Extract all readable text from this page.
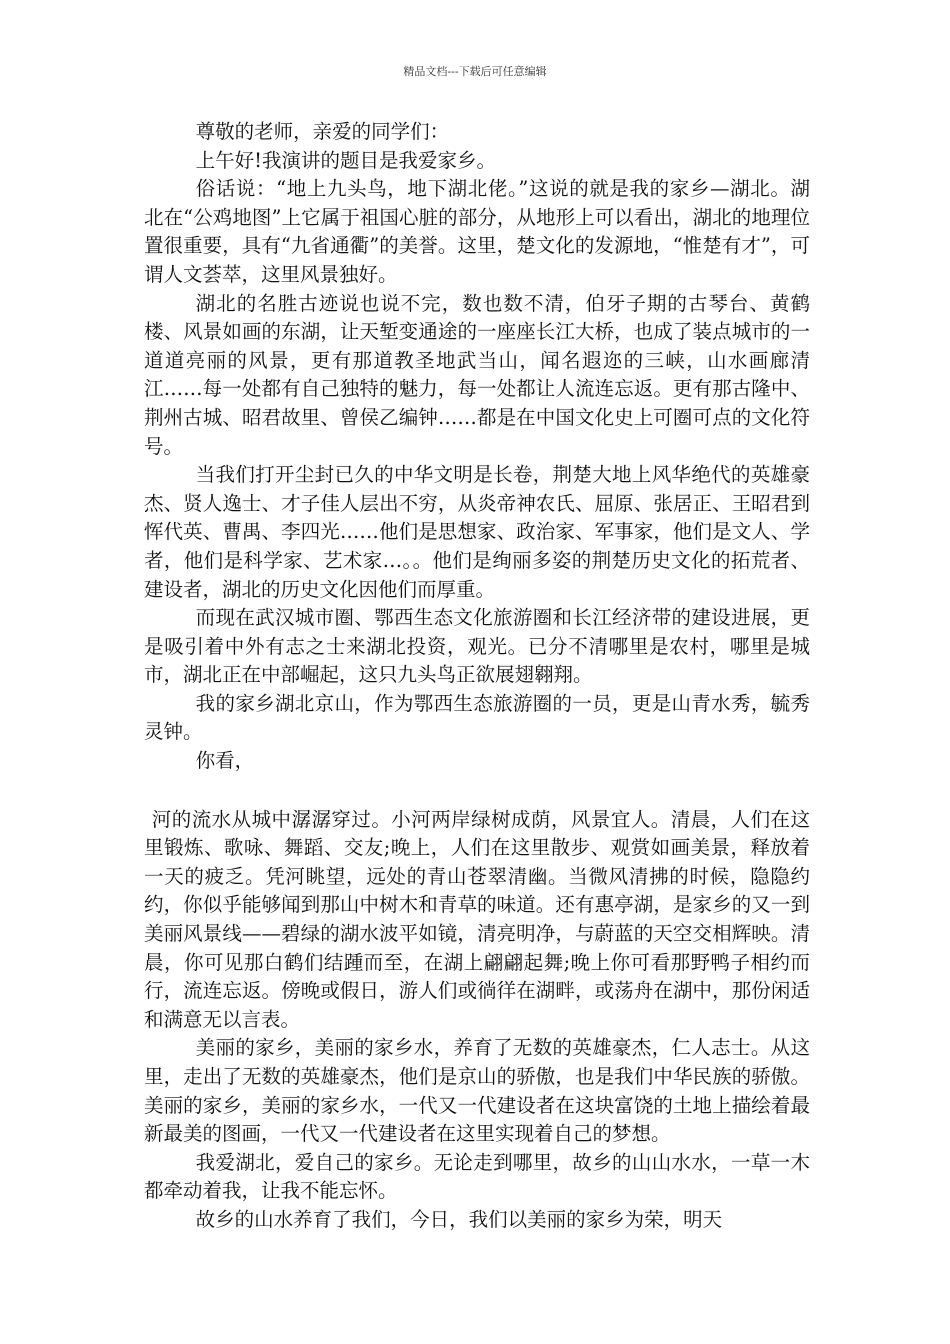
精品文档---下载后可任意编辑

尊敬的老师，亲爱的同学们：

上午好!我演讲的题目是我爱家乡。

俗话说：“地上九头鸟，地下湖北佬。”这说的就是我的家乡—湖北。湖北在“公鸡地图”上它属于祖国心脏的部分，从地形上可以看出，湖北的地理位置很重要，具有“九省通衢”的美誉。这里，楚文化的发源地，“惟楚有才”，可谓人文荟萃，这里风景独好。

湖北的名胜古迹说也说不完，数也数不清，伯牙子期的古琴台、黄鹤楼、风景如画的东湖，让天堑变通途的一座座长江大桥，也成了装点城市的一道道亮丽的风景，更有那道教圣地武当山，闻名遐迩的三峡，山水画廊清江……每一处都有自己独特的魅力，每一处都让人流连忘返。更有那古隆中、荆州古城、昭君故里、曾侯乙编钟……都是在中国文化史上可圈可点的文化符号。

当我们打开尘封已久的中华文明是长卷，荆楚大地上风华绝代的英雄豪杰、贤人逸士、才子佳人层出不穷，从炎帝神农氏、屈原、张居正、王昭君到恽代英、曹禺、李四光……他们是思想家、政治家、军事家，他们是文人、学者，他们是科学家、艺术家…。。他们是绚丽多姿的荆楚历史文化的拓荒者、建设者，湖北的历史文化因他们而厚重。

而现在武汉城市圈、鄂西生态文化旅游圈和长江经济带的建设进展，更是吸引着中外有志之士来湖北投资，观光。已分不清哪里是农村，哪里是城市，湖北正在中部崛起，这只九头鸟正欲展翅翱翔。

我的家乡湖北京山，作为鄂西生态旅游圈的一员，更是山青水秀，毓秀灵钟。

你看，

河的流水从城中潺潺穿过。小河两岸绿树成荫，风景宜人。清晨，人们在这里锻炼、歌咏、舞蹈、交友;晚上，人们在这里散步、观赏如画美景，释放着一天的疲乏。凭河眺望，远处的青山苍翠清幽。当微风清拂的时候，隐隐约约，你似乎能够闻到那山中树木和青草的味道。还有惠亭湖，是家乡的又一到美丽风景线——碧绿的湖水波平如镜，清亮明净，与蔚蓝的天空交相辉映。清晨，你可见那白鹤们结踵而至，在湖上翩翩起舞;晚上你可看那野鸭子相约而行，流连忘返。傍晚或假日，游人们或徜徉在湖畔，或荡舟在湖中，那份闲适和满意无以言表。

美丽的家乡，美丽的家乡水，养育了无数的英雄豪杰，仁人志士。从这里，走出了无数的英雄豪杰，他们是京山的骄傲，也是我们中华民族的骄傲。美丽的家乡，美丽的家乡水，一代又一代建设者在这块富饶的土地上描绘着最新最美的图画，一代又一代建设者在这里实现着自己的梦想。

我爱湖北，爱自己的家乡。无论走到哪里，故乡的山山水水，一草一木都牵动着我，让我不能忘怀。

故乡的山水养育了我们，今日，我们以美丽的家乡为荣，明天
